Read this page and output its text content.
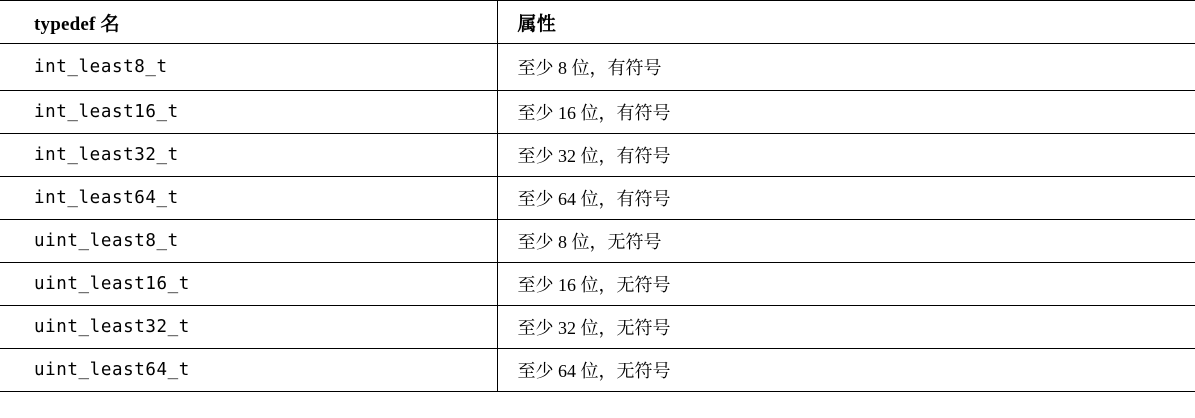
typedef 名	属性
int_least8_t	至少 8 位，有符号
int_least16_t	至少 16 位，有符号
int_least32_t	至少 32 位，有符号
int_least64_t	至少 64 位，有符号
uint_least8_t	至少 8 位，无符号
uint_least16_t	至少 16 位，无符号
uint_least32_t	至少 32 位，无符号
uint_least64_t	至少 64 位，无符号
